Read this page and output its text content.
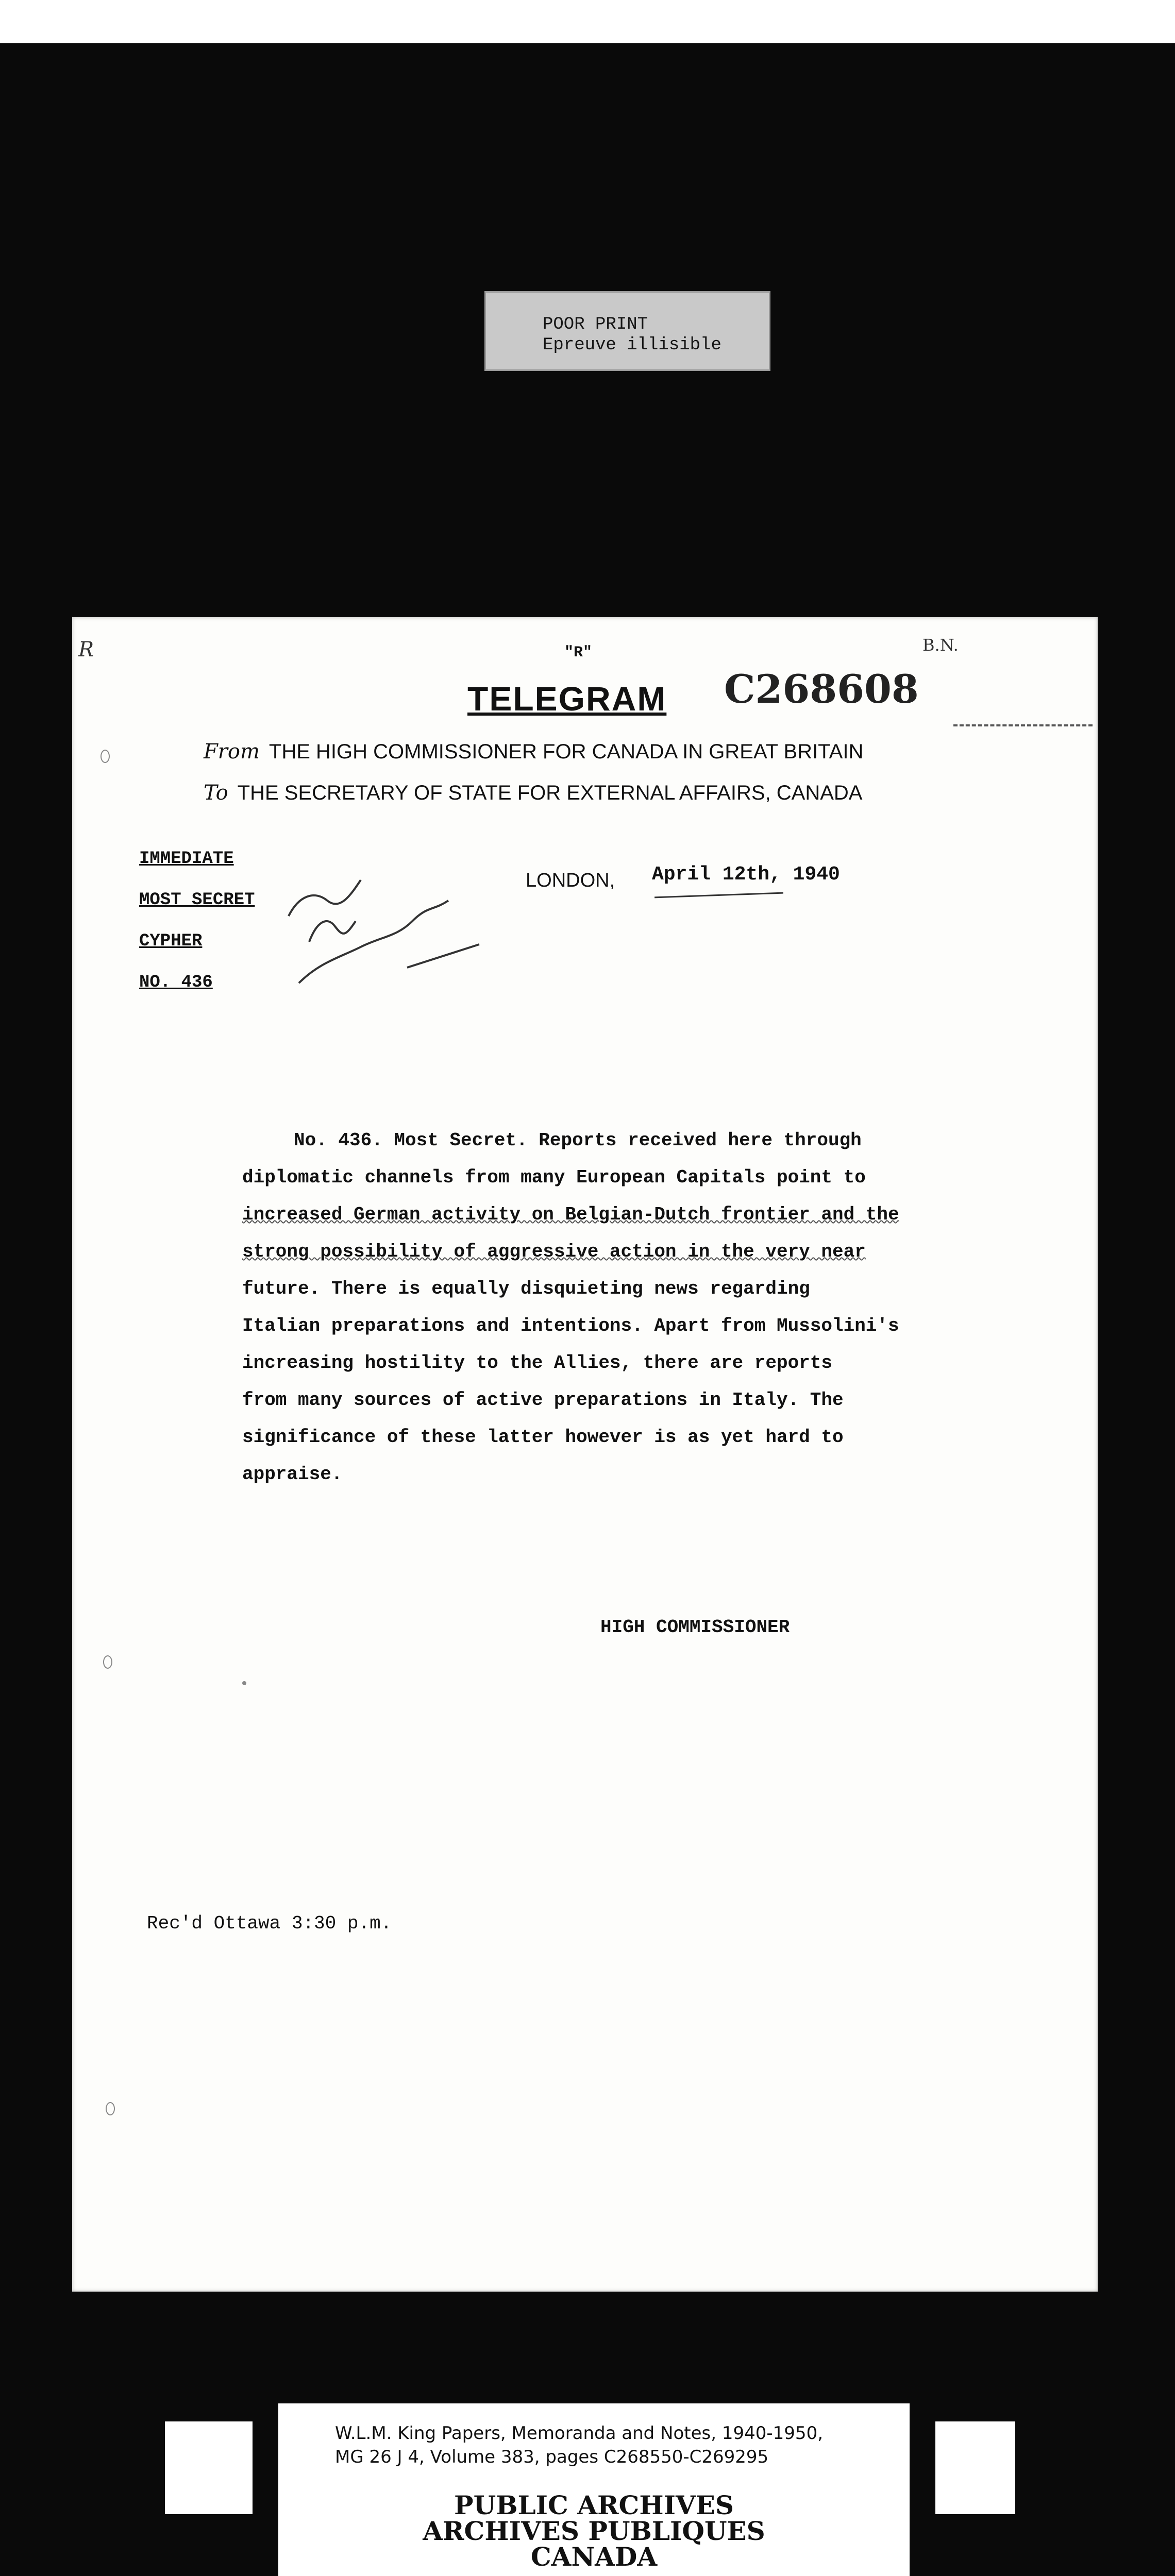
POOR PRINT
Epreuve illisible
R	B.N.
"R"
TELEGRAM C268608
From THE HIGH COMMISSIONER FOR CANADA IN GREAT BRITAIN
To THE SECRETARY OF STATE FOR EXTERNAL AFFAIRS, CANADA
IMMEDIATE
MOST SECRET
CYPHER
NO. 436
LONDON, April 12th, 1940
No. 436. Most Secret. Reports received here through
diplomatic channels from many European Capitals point to
increased German activity on Belgian-Dutch frontier and the
strong possibility of aggressive action in the very near
future. There is equally disquieting news regarding
Italian preparations and intentions. Apart from Mussolini's
increasing hostility to the Allies, there are reports
from many sources of active preparations in Italy. The
significance of these latter however is as yet hard to
appraise.
HIGH COMMISSIONER
Rec'd Ottawa 3:30 p.m.
W.L.M. King Papers, Memoranda and Notes, 1940-1950,
MG 26 J 4, Volume 383, pages C268550-C269295
PUBLIC ARCHIVES
ARCHIVES PUBLIQUES
CANADA
